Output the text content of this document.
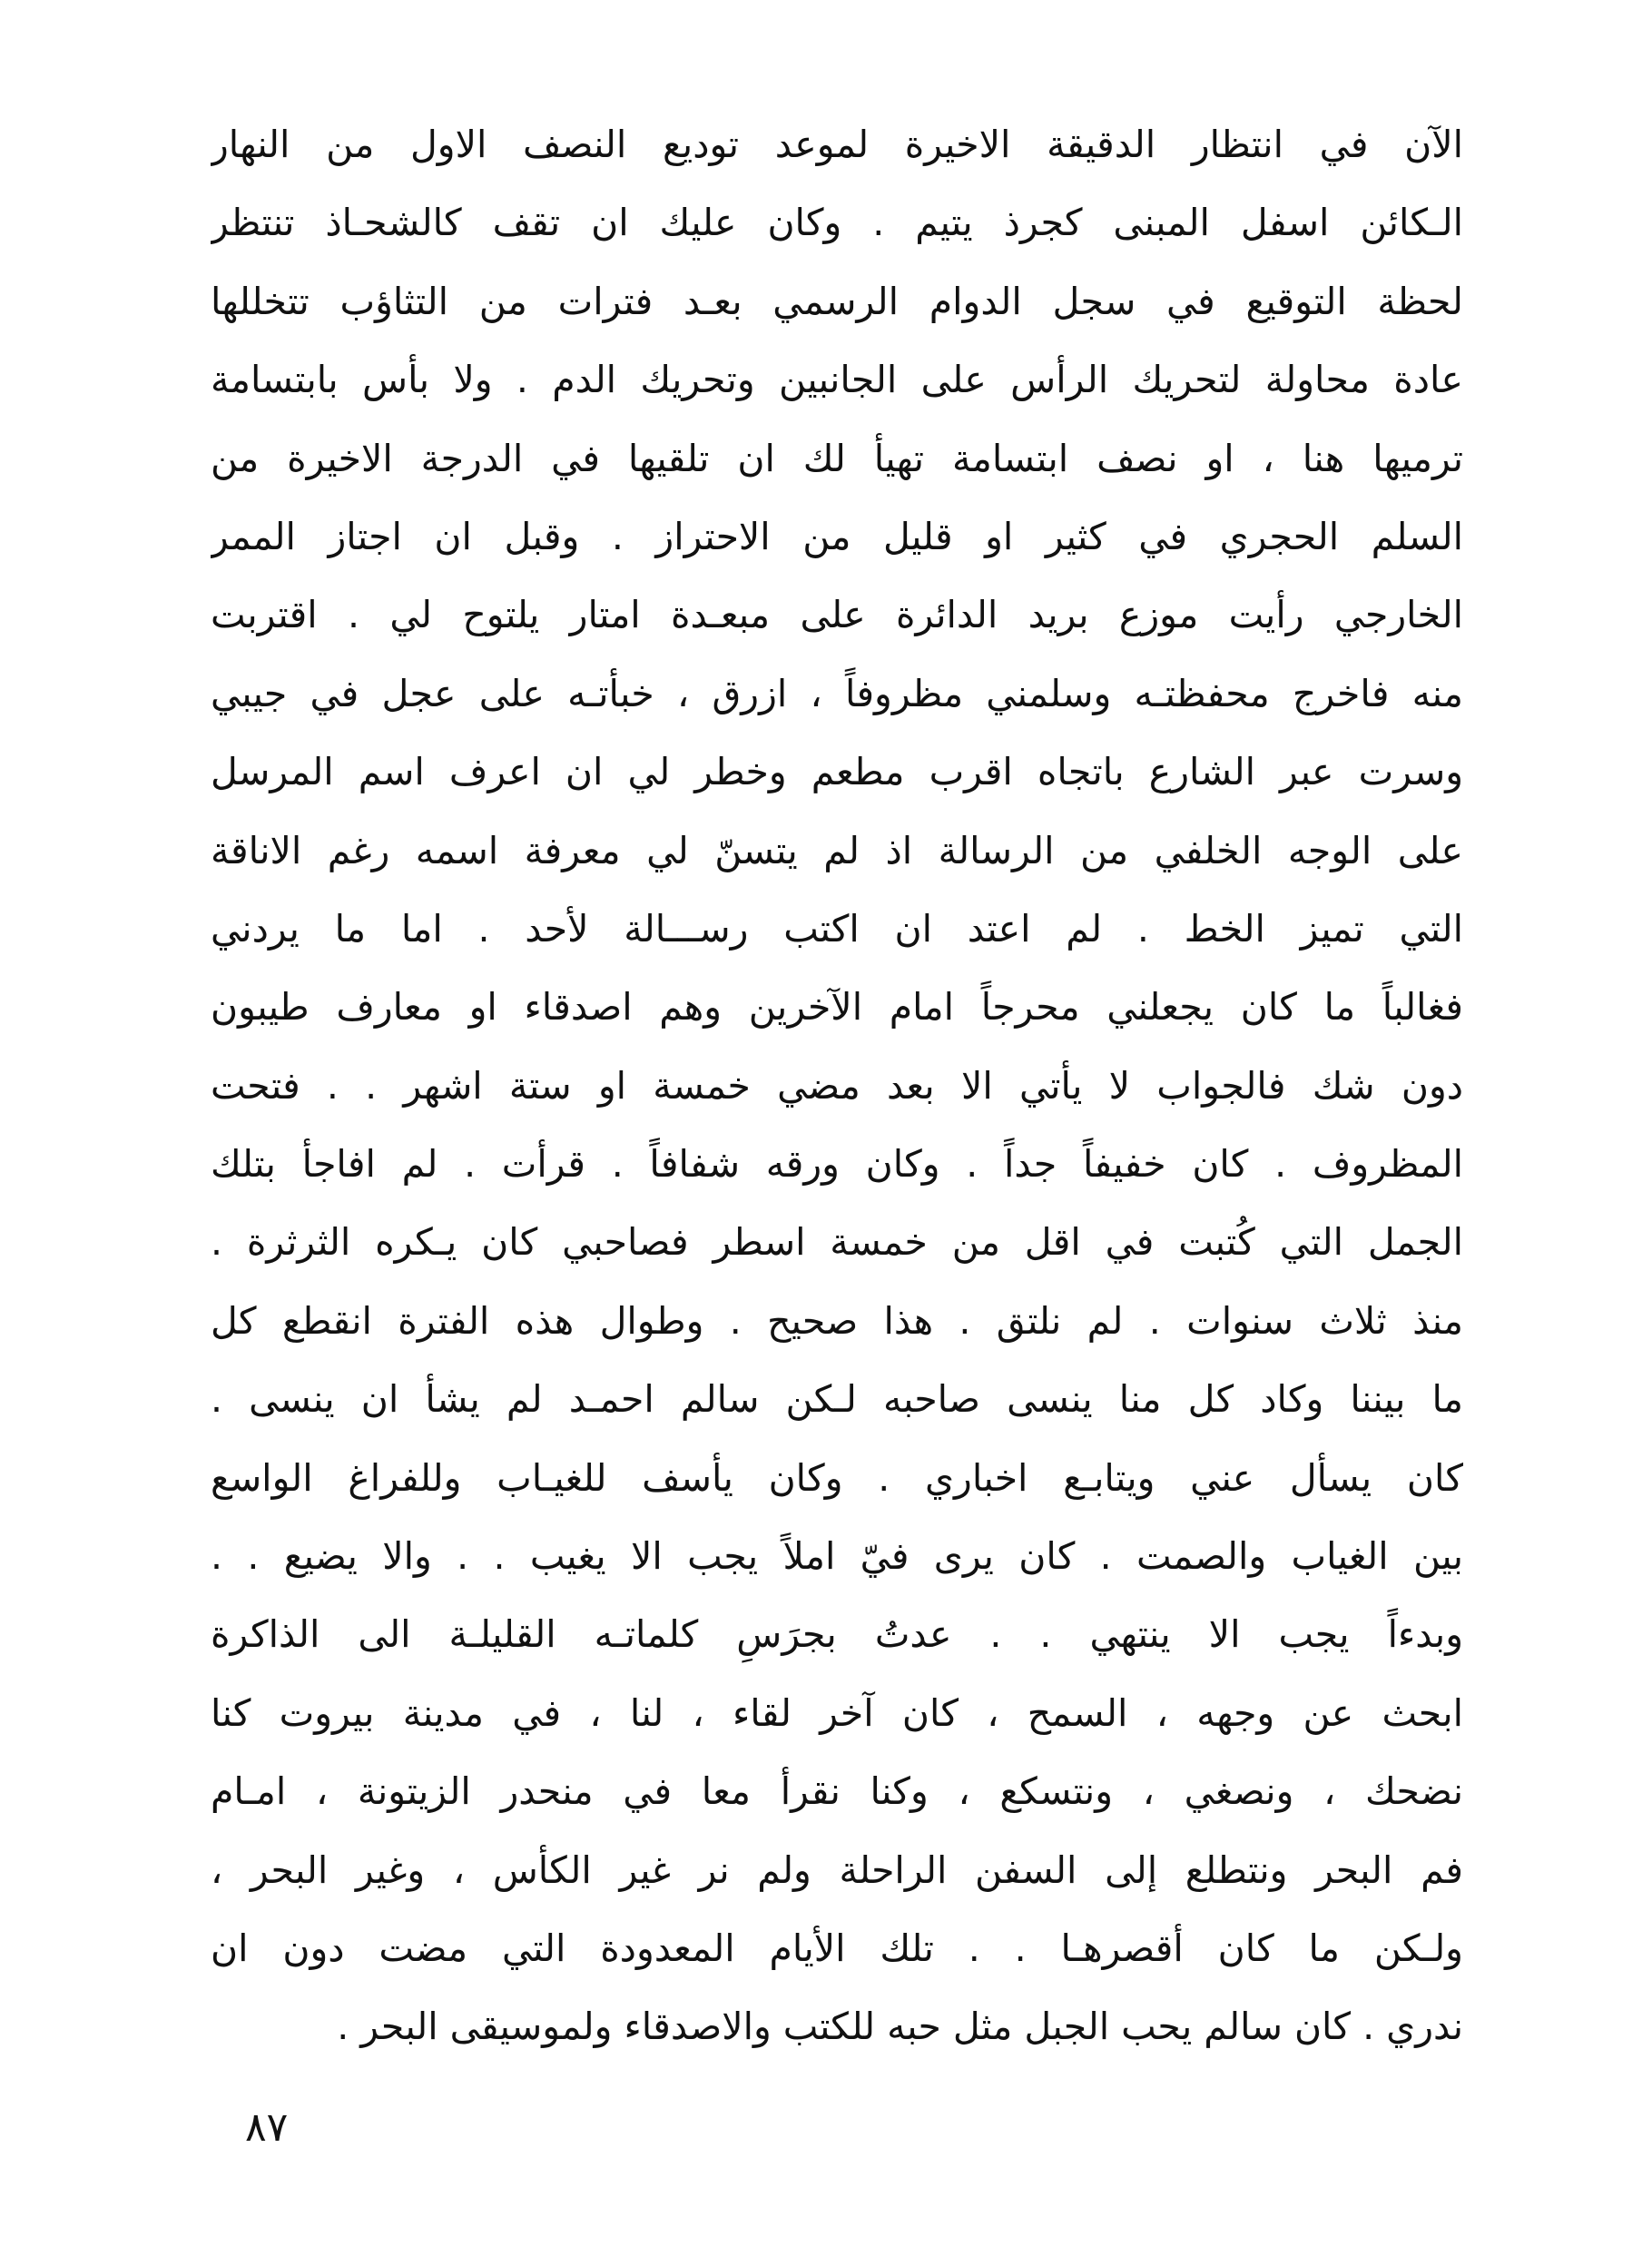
الآن في انتظار الدقيقة الاخيرة لموعد توديع النصف الاول من النهار
الـكائن اسفل المبنى كجرذ يتيم . وكان عليك ان تقف كالشحـاذ تنتظر
لحظة التوقيع في سجل الدوام الرسمي بعـد فترات من التثاؤب تتخللها
عادة محاولة لتحريك الرأس على الجانبين وتحريك الدم . ولا بأس بابتسامة
ترميها هنا ، او نصف ابتسامة تهيأ لك ان تلقيها في الدرجة الاخيرة من
السلم الحجري في كثير او قليل من الاحتراز . وقبل ان اجتاز الممر
الخارجي رأيت موزع بريد الدائرة على مبعـدة امتار يلتوح لي . اقتربت
منه فاخرج محفظتـه وسلمني مظروفاً ، ازرق ، خبأتـه على عجل في جيبي
وسرت عبر الشارع باتجاه اقرب مطعم وخطر لي ان اعرف اسم المرسل
على الوجه الخلفي من الرسالة اذ لم يتسنّ لي معرفة اسمه رغم الاناقة
التي تميز الخط . لم اعتد ان اكتب رســـالة لأحد . اما ما يردني
فغالباً ما كان يجعلني محرجاً امام الآخرين وهم اصدقاء او معارف طيبون
دون شك فالجواب لا يأتي الا بعد مضي خمسة او ستة اشهر . . فتحت
المظروف . كان خفيفاً جداً . وكان ورقه شفافاً . قرأت . لم افاجأ بتلك
الجمل التي كُتبت في اقل من خمسة اسطر فصاحبي كان يـكره الثرثرة .
منذ ثلاث سنوات . لم نلتق . هذا صحيح . وطوال هذه الفترة انقطع كل
ما بيننا وكاد كل منا ينسى صاحبه لـكن سالم احمـد لم يشأ ان ينسى .
كان يسأل عني ويتابـع اخباري . وكان يأسف للغيـاب وللفراغ الواسع
بين الغياب والصمت . كان يرى فيّ املاً يجب الا يغيب . . والا يضيع . .
وبدءاً يجب الا ينتهي . . عدتُ بجرَسِ كلماتـه القليلـة الى الذاكرة
ابحث عن وجهه ، السمح ، كان آخر لقاء ، لنا ، في مدينة بيروت كنا
نضحك ، ونصغي ، ونتسكع ، وكنا نقرأ معا في منحدر الزيتونة ، امـام
فم البحر ونتطلع إلى السفن الراحلة ولم نر غير الكأس ، وغير البحر ،
ولـكن ما كان أقصرهـا . . تلك الأيام المعدودة التي مضت دون ان
ندري . كان سالم يحب الجبل مثل حبه للكتب والاصدقاء ولموسيقى البحر .
٨٧
